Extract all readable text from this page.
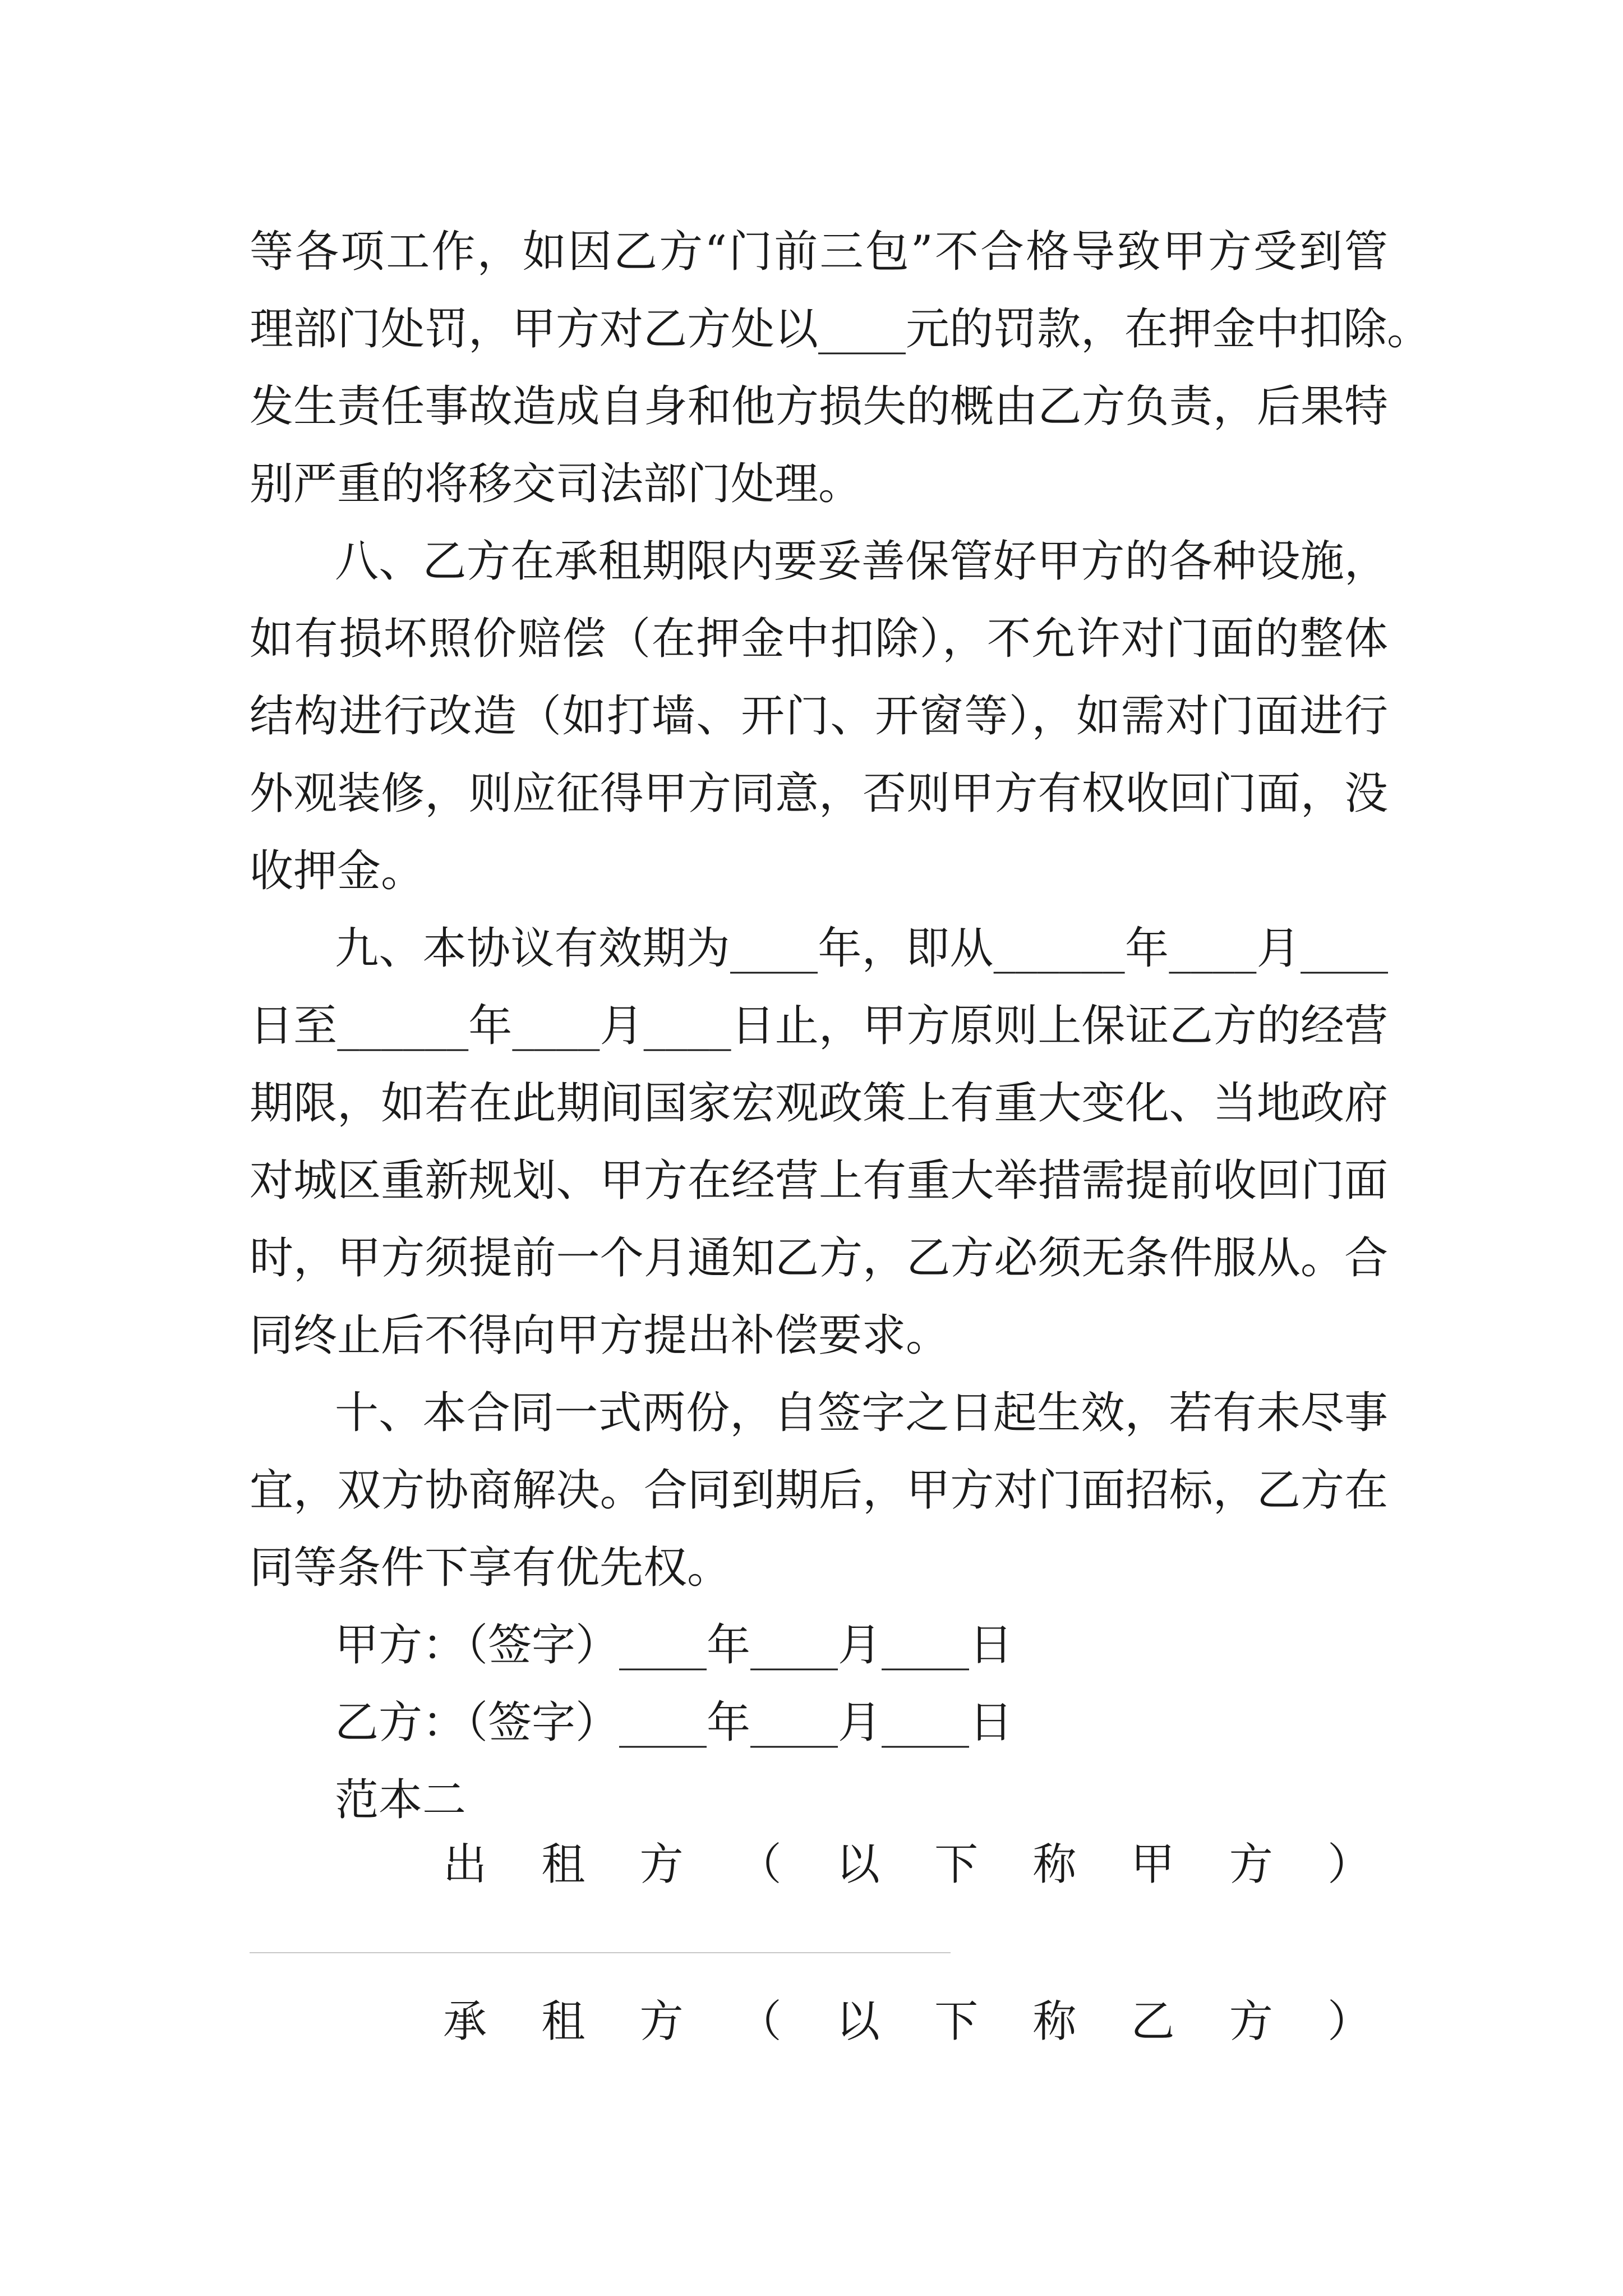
等各项工作，如因乙方“门前三包”不合格导致甲方受到管
理部门处罚，甲方对乙方处以____元的罚款，在押金中扣除。
发生责任事故造成自身和他方损失的概由乙方负责，后果特
别严重的将移交司法部门处理。
八、乙方在承租期限内要妥善保管好甲方的各种设施，
如有损坏照价赔偿（在押金中扣除），不允许对门面的整体
结构进行改造（如打墙、开门、开窗等），如需对门面进行
外观装修，则应征得甲方同意，否则甲方有权收回门面，没
收押金。
九、本协议有效期为____年，即从______年____月____
日至______年____月____日止，甲方原则上保证乙方的经营
期限，如若在此期间国家宏观政策上有重大变化、当地政府
对城区重新规划、甲方在经营上有重大举措需提前收回门面
时，甲方须提前一个月通知乙方，乙方必须无条件服从。合
同终止后不得向甲方提出补偿要求。
十、本合同一式两份，自签字之日起生效，若有未尽事
宜，双方协商解决。合同到期后，甲方对门面招标，乙方在
同等条件下享有优先权。
甲方：（签字）____年____月____日
乙方：（签字）____年____月____日
范本二
出 租 方 （ 以 下 称 甲 方 ）
承 租 方 （ 以 下 称 乙 方 ）
